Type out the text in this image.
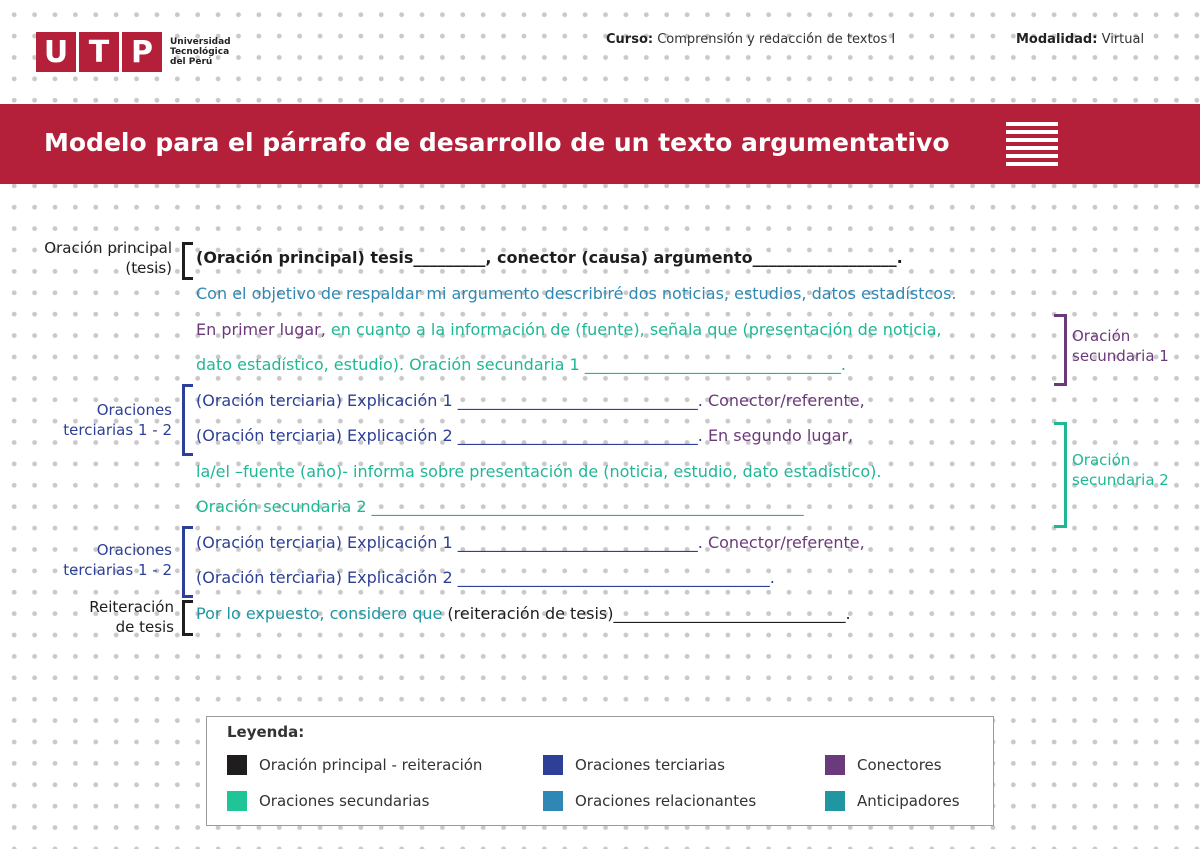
U T P	Universidad Tecnológica del Perú
Curso: Comprensión y redacción de textos I	Modalidad: Virtual
Modelo para el párrafo de desarrollo de un texto argumentativo
Oración principal
(tesis)
Oraciones
terciarias 1 - 2
Oraciones
terciarias 1 - 2
Reiteración
de tesis
Oración
secundaria 1
Oración
secundaria 2
(Oración principal) tesis_________, conector (causa) argumento__________________.
Con el objetivo de respaldar mi argumento describiré dos noticias, estudios, datos estadístcos.
En primer lugar, en cuanto a la información de (fuente), señala que (presentación de noticia,
dato estadístico, estudio). Oración secundaria 1 ________________________________.
(Oración terciaria) Explicación 1 ______________________________. Conector/referente,
(Oración terciaria) Explicación 2 ______________________________. En segundo lugar,
la/el –fuente (año)- informa sobre presentación de (noticia, estudio, dato estadístico).
Oración secundaria 2 ______________________________________________________
(Oración terciaria) Explicación 1 ______________________________. Conector/referente,
(Oración terciaria) Explicación 2 _______________________________________.
Por lo expuesto, considero que (reiteración de tesis)_____________________________.
Leyenda:
Oración principal - reiteración	Oraciones terciarias	Conectores
Oraciones secundarias	Oraciones relacionantes	Anticipadores
